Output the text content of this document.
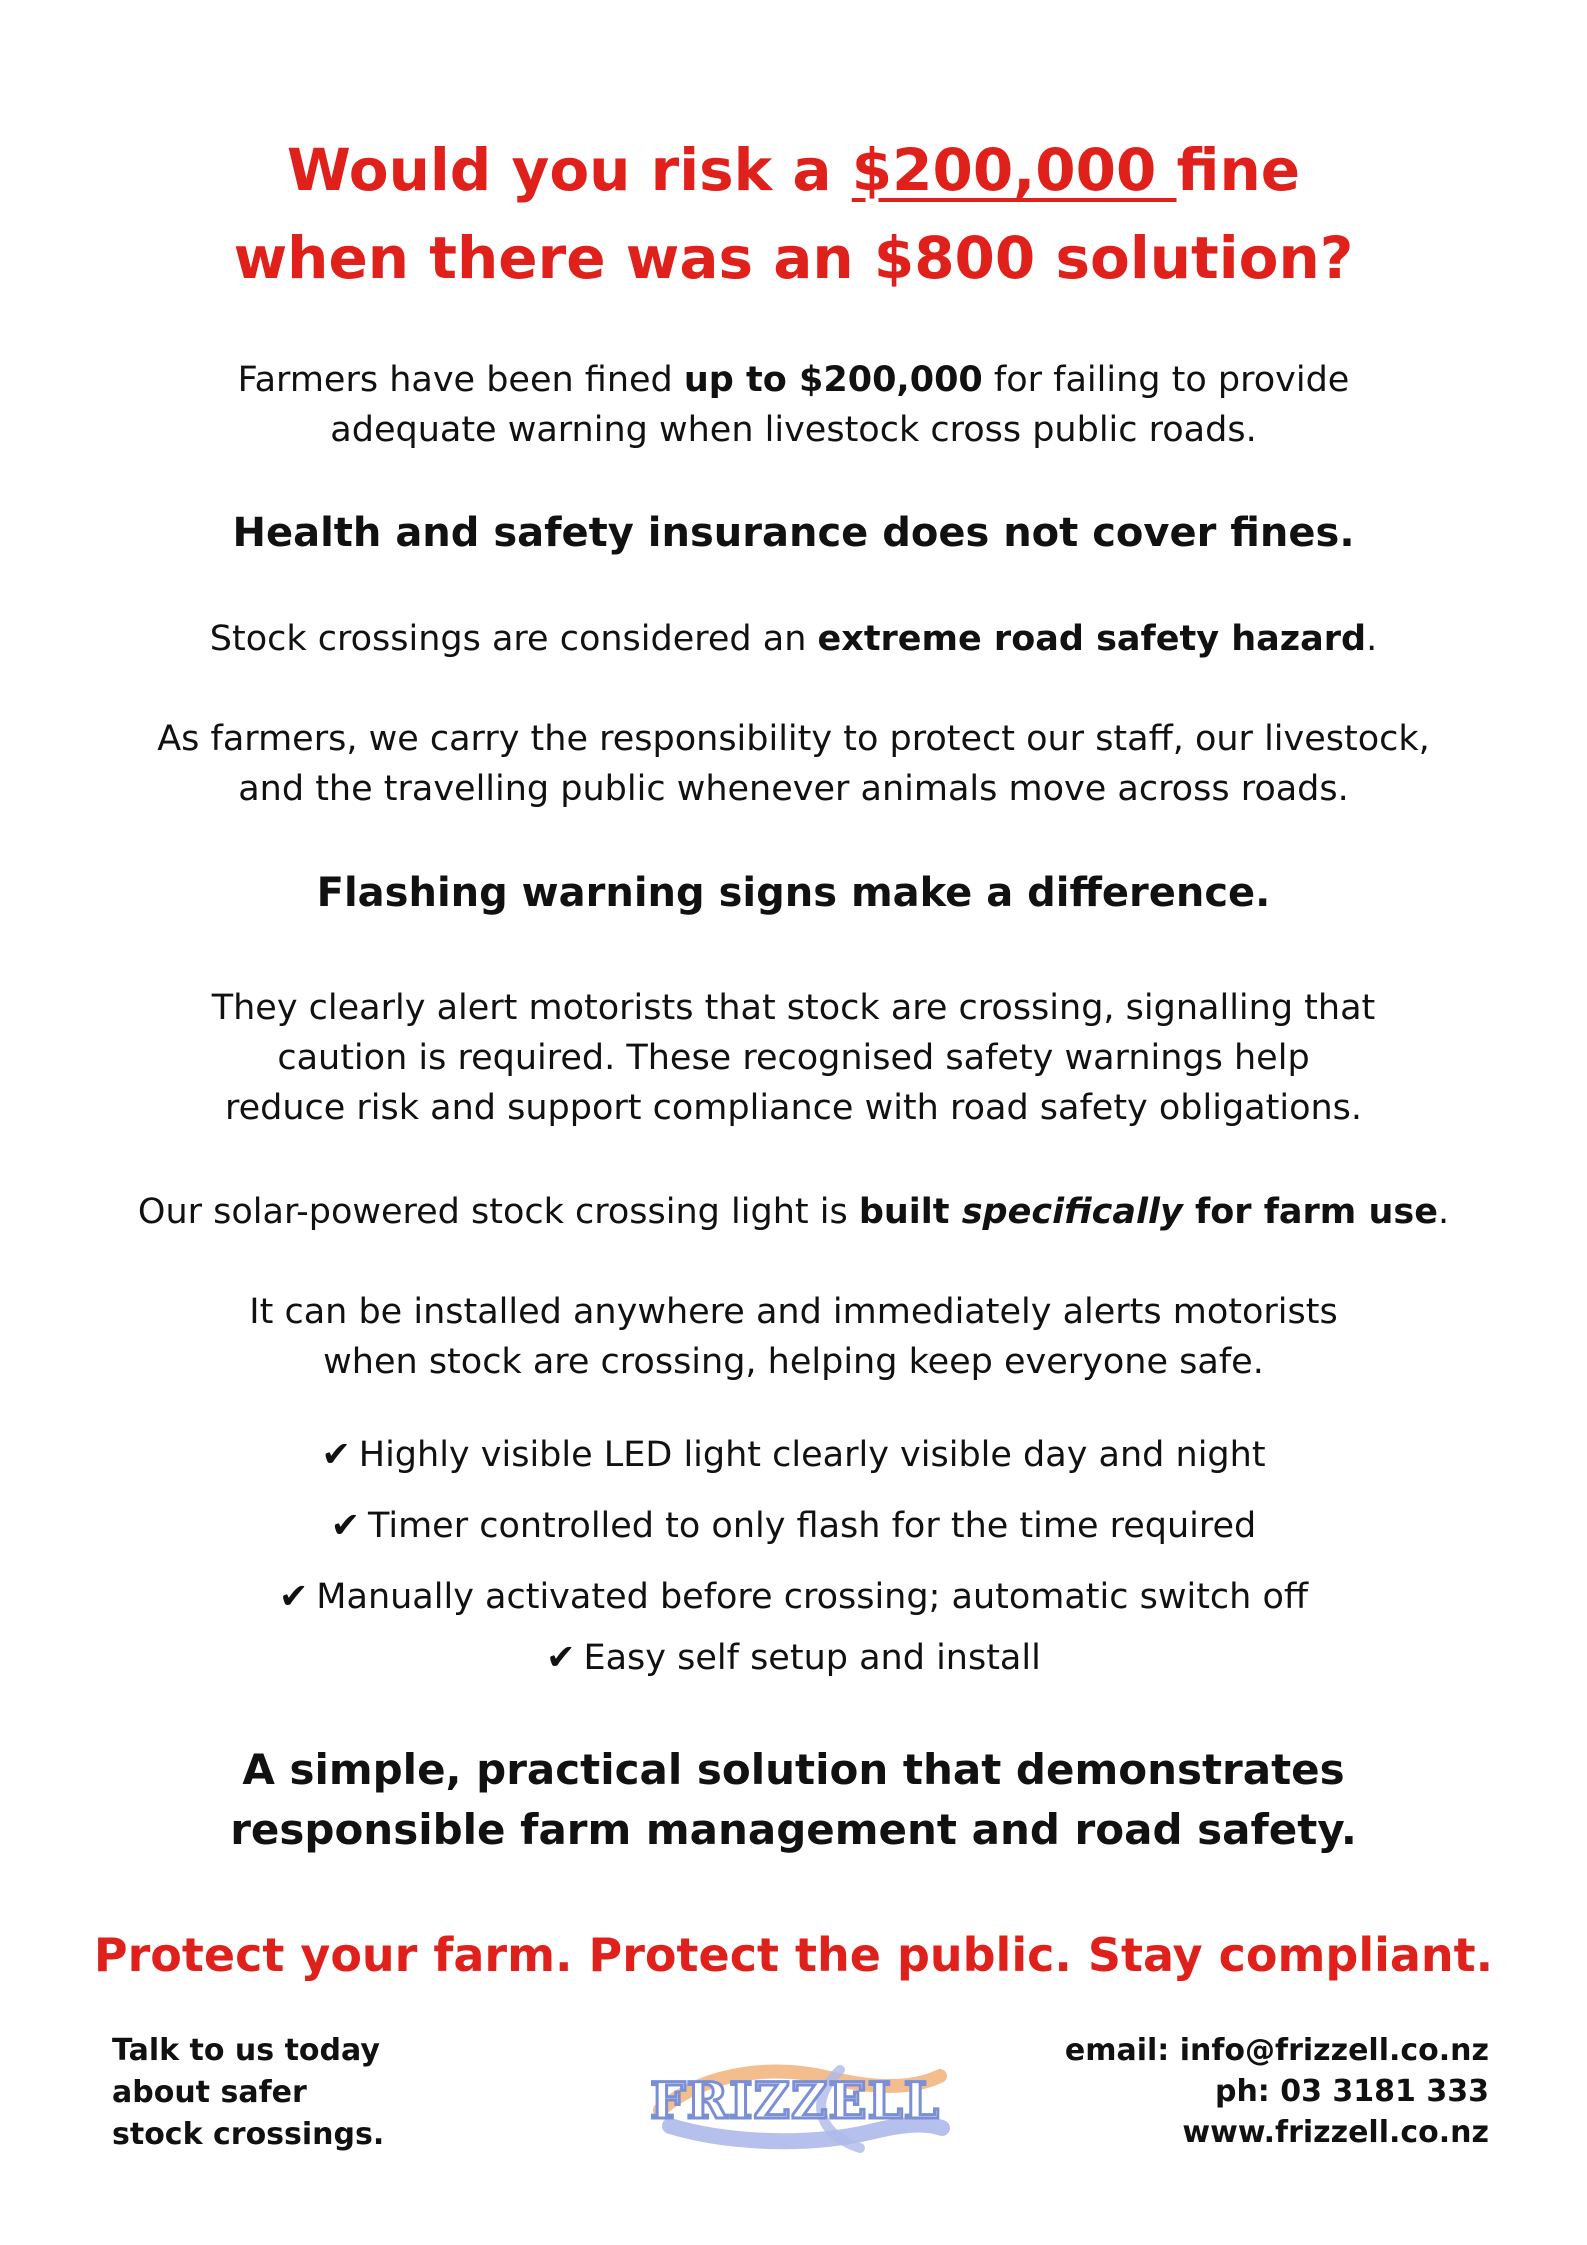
Would you risk a $200,000 fine
when there was an $800 solution?
Farmers have been fined up to $200,000 for failing to provide
adequate warning when livestock cross public roads.
Health and safety insurance does not cover fines.
Stock crossings are considered an extreme road safety hazard.
As farmers, we carry the responsibility to protect our staff, our livestock,
and the travelling public whenever animals move across roads.
Flashing warning signs make a difference.
They clearly alert motorists that stock are crossing, signalling that
caution is required. These recognised safety warnings help
reduce risk and support compliance with road safety obligations.
Our solar-powered stock crossing light is built specifically for farm use.
It can be installed anywhere and immediately alerts motorists
when stock are crossing, helping keep everyone safe.
✔ Highly visible LED light clearly visible day and night
✔ Timer controlled to only flash for the time required
✔ Manually activated before crossing; automatic switch off
✔ Easy self setup and install
A simple, practical solution that demonstrates
responsible farm management and road safety.
Protect your farm. Protect the public. Stay compliant.
Talk to us today
about safer
stock crossings.
FRIZZELL
email: info@frizzell.co.nz
ph: 03 3181 333
www.frizzell.co.nz
